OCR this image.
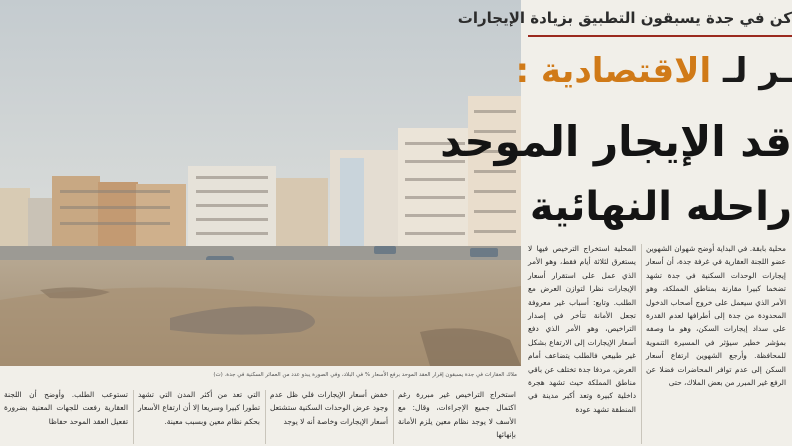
ملاك العقارات في جدة يسبقون إقرار العقد الموحد برفع الأسعار % في البلاد، وفي الصورة يبدو عدد من العمائر السكنية في جدة. (ت)
كن في جدة يسبقون التطبيق بزيادة الإيجارات
ـر لـ الاقتصادية :
قد الإيجار الموحد
راحله النهائية

محلية بابقة. في البداية أوضح شهوان الشهوين عضو اللجنة العقارية في غرفة جدة، أن أسعار إيجارات الوحدات السكنية في جدة تشهد تضخما كبيرا مقارنة بمناطق المملكة، وهو الأمر الذي سيعمل على خروج أصحاب الدخول المحدودة من جدة إلى أطرافها لعدم القدرة على سداد إيجارات السكن، وهو ما وصفه بمؤشر خطير سيؤثر في المسيرة التنموية للمحافظة. وأرجع الشهوين ارتفاع أسعار السكن إلى عدم توافر المحاضرات فضلا عن الرفع غير المبرر من بعض الملاك، حتى

المحلية استخراج الترخيص فيها لا يستغرق لثلاثة أيام فقط، وهو الأمر الذي عمل على استقرار أسعار الإيجارات نظرا لتوازن العرض مع الطلب. وتابع: أسباب غير معروفة تجعل الأمانة تتأخر في إصدار التراخيص، وهو الأمر الذي دفع أسعار الإيجارات إلى الارتفاع بشكل غير طبيعي فالطلب يتضاعف أمام العرض، مردفا جدة تختلف عن باقي مناطق المملكة حيث تشهد هجرة داخلية كبيرة وتعد أكبر مدينة في المنطقة تشهد عودة

استخراج التراخيص غير مبررة رغم اكتمال جميع الإجراءات، وقال: مع الأسف لا يوجد نظام معين يلزم الأمانة بإنهائها

خفض أسعار الإيجارات فلي ظل عدم وجود عرض الوحدات السكنية ستشتعل أسعار الإيجارات وخاصة أنه لا يوجد

التي تعد من أكثر المدن التي تشهد تطورا كبيرا وسريعا إلا أن ارتفاع الأسعار بحكم نظام معين وبسبب معينة.

تستوعب الطلب. وأوضح أن اللجنة العقارية رفعت للجهات المعنية بضرورة تفعيل العقد الموحد حفاظا
